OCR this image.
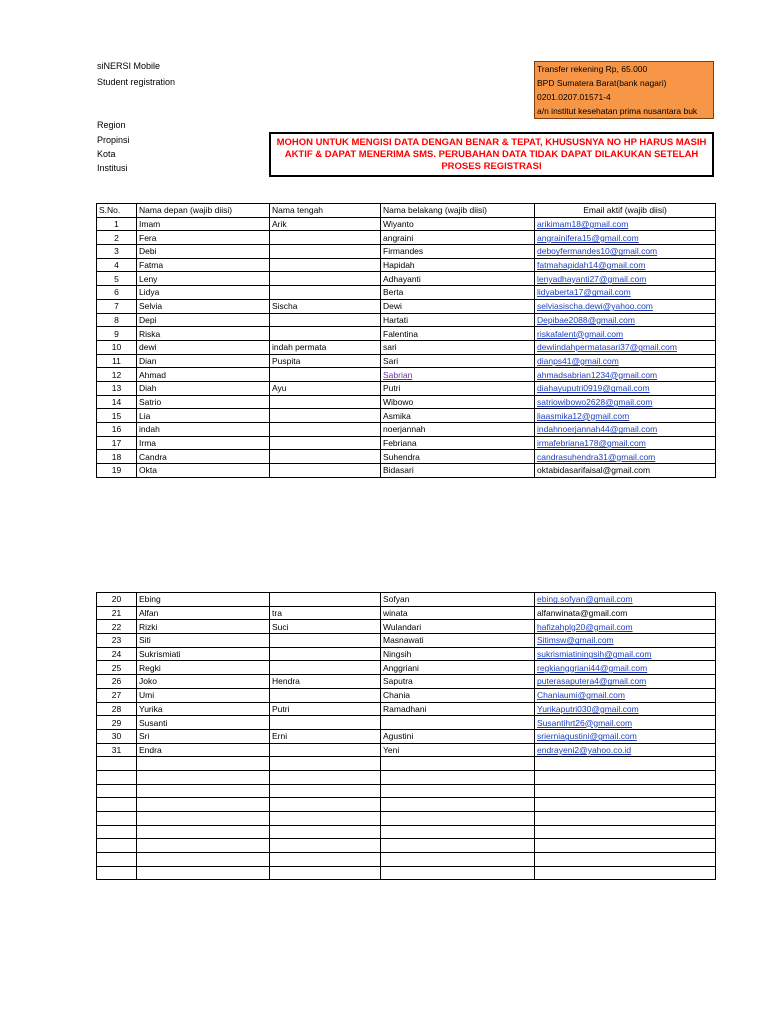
siNERSI Mobile
Student registration
Region
Propinsi
Kota
Institusi
Transfer rekening Rp, 65.000
BPD Sumatera Barat(bank nagari)
0201.0207.01571-4
a/n institut kesehatan prima nusantara buk
MOHON UNTUK MENGISI DATA DENGAN BENAR & TEPAT, KHUSUSNYA NO HP HARUS MASIH AKTIF & DAPAT MENERIMA SMS. PERUBAHAN DATA TIDAK DAPAT DILAKUKAN SETELAH PROSES REGISTRASI
S.No.	Nama depan (wajib diisi)	Nama tengah	Nama belakang (wajib diisi)	Email aktif (wajib diisi)
1	Imam	Arik	Wiyanto	arikimam18@gmail.com
2	Fera		angraini	angrainifera15@gmail.com
3	Debi		Firmandes	deboyfermandes10@gmail.com
4	Fatma		Hapidah	fatmahapidah14@gmail.com
5	Leny		Adhayanti	lenyadhayanti27@gmail.com
6	Lidya		Berta	lidyaberta17@gmail.com
7	Selvia	Sischa	Dewi	selviasischa.dewi@yahoo.com
8	Depi		Hartati	Depibae2088@gmail.com
9	Riska		Falentina	riskafalent@gmail.com
10	dewi	indah permata	sari	dewiindahpermatasari37@gmail.com
11	Dian	Puspita	Sari	dianps41@gmail.com
12	Ahmad		Sabrian	ahmadsabrian1234@gmail.com
13	Diah	Ayu	Putri	diahayuputri0919@gmail.com
14	Satrio		Wibowo	satriowibowo2628@gmail.com
15	Lia		Asmika	liaasmika12@gmail.com
16	indah		noerjannah	indahnoerjannah44@gmail.com
17	Irma		Febriana	irmafebriana178@gmail.com
18	Candra		Suhendra	candrasuhendra31@gmail.com
19	Okta		Bidasari	oktabidasarifaisal@gmail.com
20	Ebing		Sofyan	ebing.sofyan@gmail.com
21	Alfan	tra	winata	alfanwinata@gmail.com
22	Rizki	Suci	Wulandari	hafizahplg20@gmail.com
23	Siti		Masnawati	Sitimsw@gmail.com
24	Sukrismiati		Ningsih	sukrismiatiningsih@gmail.com
25	Regki		Anggriani	regkianggriani44@gmail.com
26	Joko	Hendra	Saputra	puterasaputera4@gmail.com
27	Umi		Chania	Chaniaumi@gmail.com
28	Yurika	Putri	Ramadhani	Yurikaputri030@gmail.com
29	Susanti			Susantihrt26@gmail.com
30	Sri	Erni	Agustini	srierniagustini@gmail.com
31	Endra		Yeni	endrayeni2@yahoo.co.id
